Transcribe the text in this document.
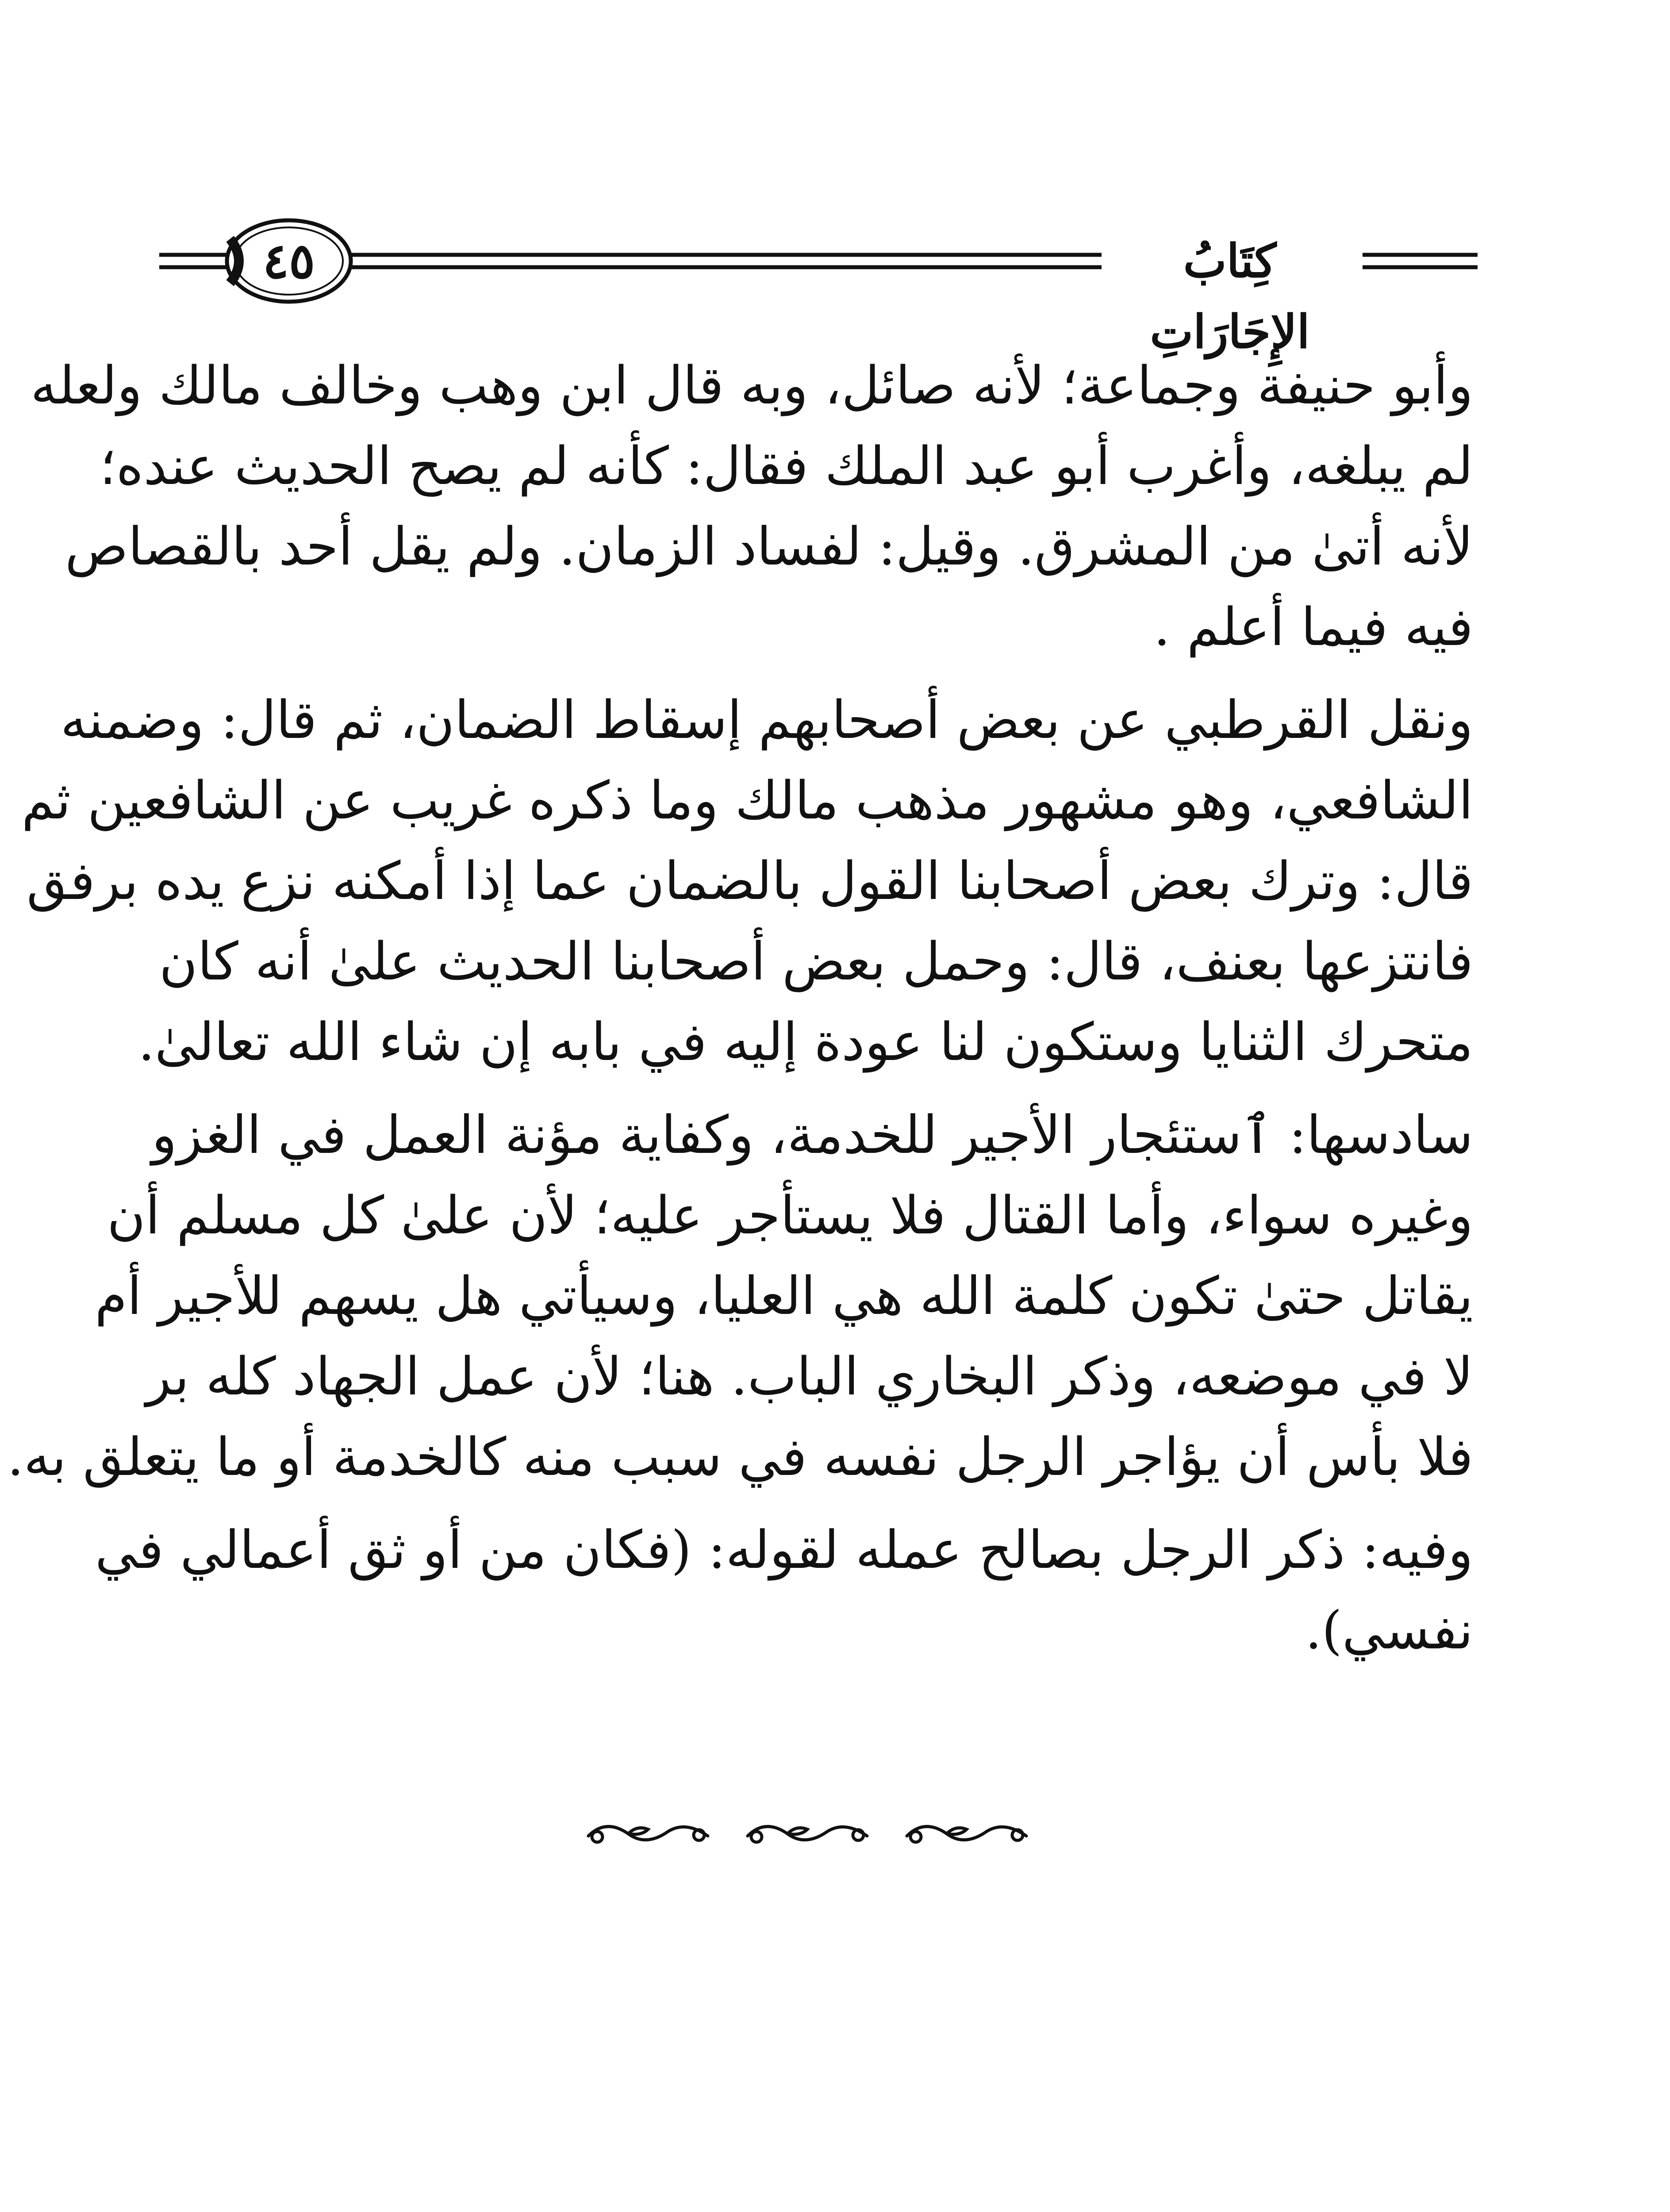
٤٥	كِتَابُ الإِجَارَاتِ

وأبو حنيفة وجماعة؛ لأنه صائل، وبه قال ابن وهب وخالف مالك ولعله
لم يبلغه، وأغرب أبو عبد الملك فقال: كأنه لم يصح الحديث عنده؛
لأنه أتىٰ من المشرق. وقيل: لفساد الزمان. ولم يقل أحد بالقصاص
فيه فيما أعلم .

ونقل القرطبي عن بعض أصحابهم إسقاط الضمان، ثم قال: وضمنه
الشافعي، وهو مشهور مذهب مالك وما ذكره غريب عن الشافعين ثم
قال: وترك بعض أصحابنا القول بالضمان عما إذا أمكنه نزع يده برفق
فانتزعها بعنف، قال: وحمل بعض أصحابنا الحديث علىٰ أنه كان
متحرك الثنايا وستكون لنا عودة إليه في بابه إن شاء الله تعالىٰ.

سادسها: ٱستئجار الأجير للخدمة، وكفاية مؤنة العمل في الغزو
وغيره سواء، وأما القتال فلا يستأجر عليه؛ لأن علىٰ كل مسلم أن
يقاتل حتىٰ تكون كلمة الله هي العليا، وسيأتي هل يسهم للأجير أم
لا في موضعه، وذكر البخاري الباب. هنا؛ لأن عمل الجهاد كله بر
فلا بأس أن يؤاجر الرجل نفسه في سبب منه كالخدمة أو ما يتعلق به.

وفيه: ذكر الرجل بصالح عمله لقوله: (فكان من أو ثق أعمالي في
نفسي).
